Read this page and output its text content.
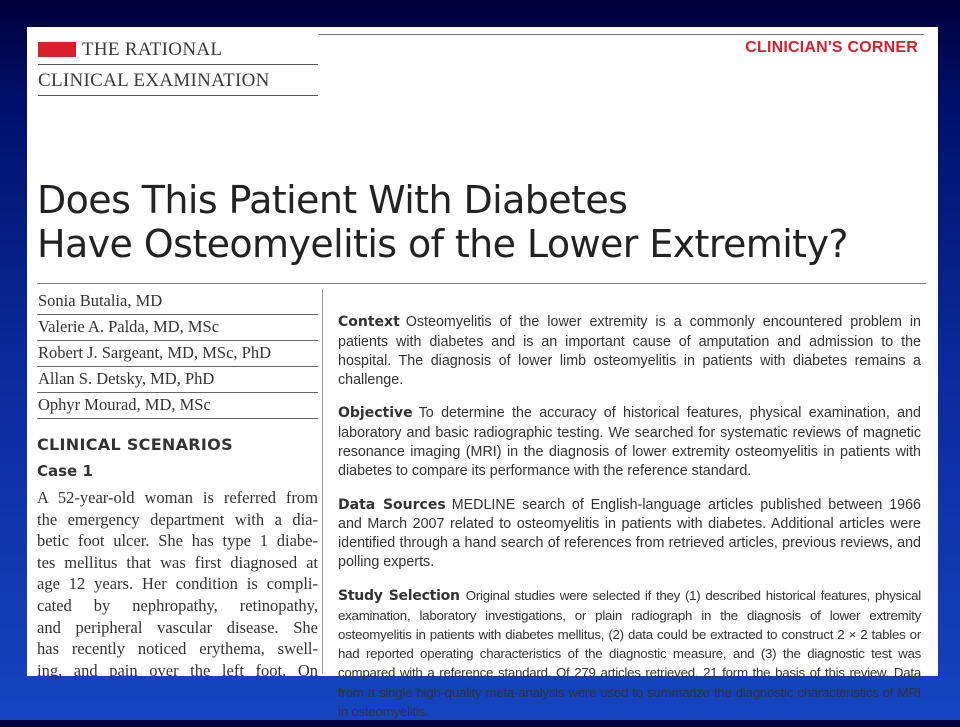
THE RATIONAL
CLINICAL EXAMINATION
CLINICIAN'S CORNER
Does This Patient With Diabetes
Have Osteomyelitis of the Lower Extremity?
Sonia Butalia, MD
Valerie A. Palda, MD, MSc
Robert J. Sargeant, MD, MSc, PhD
Allan S. Detsky, MD, PhD
Ophyr Mourad, MD, MSc
CLINICAL SCENARIOS
Case 1
A 52-year-old woman is referred from
the emergency department with a dia-
betic foot ulcer. She has type 1 diabe-
tes mellitus that was first diagnosed at
age 12 years. Her condition is compli-
cated by nephropathy, retinopathy,
and peripheral vascular disease. She
has recently noticed erythema, swell-
ing, and pain over the left foot. On

Context Osteomyelitis of the lower extremity is a commonly encountered problem in patients with diabetes and is an important cause of amputation and admission to the hospital. The diagnosis of lower limb osteomyelitis in patients with diabetes remains a challenge.

Objective To determine the accuracy of historical features, physical examination, and laboratory and basic radiographic testing. We searched for systematic reviews of magnetic resonance imaging (MRI) in the diagnosis of lower extremity osteomyelitis in patients with diabetes to compare its performance with the reference standard.

Data Sources MEDLINE search of English-language articles published between 1966 and March 2007 related to osteomyelitis in patients with diabetes. Additional articles were identified through a hand search of references from retrieved articles, previous reviews, and polling experts.

Study Selection Original studies were selected if they (1) described historical features, physical examination, laboratory investigations, or plain radiograph in the diagnosis of lower extremity osteomyelitis in patients with diabetes mellitus, (2) data could be extracted to construct 2 × 2 tables or had reported operating characteristics of the diagnostic measure, and (3) the diagnostic test was compared with a reference standard. Of 279 articles retrieved, 21 form the basis of this review. Data from a single high-quality meta-analysis were used to summarize the diagnostic characteristics of MRI in osteomyelitis.
